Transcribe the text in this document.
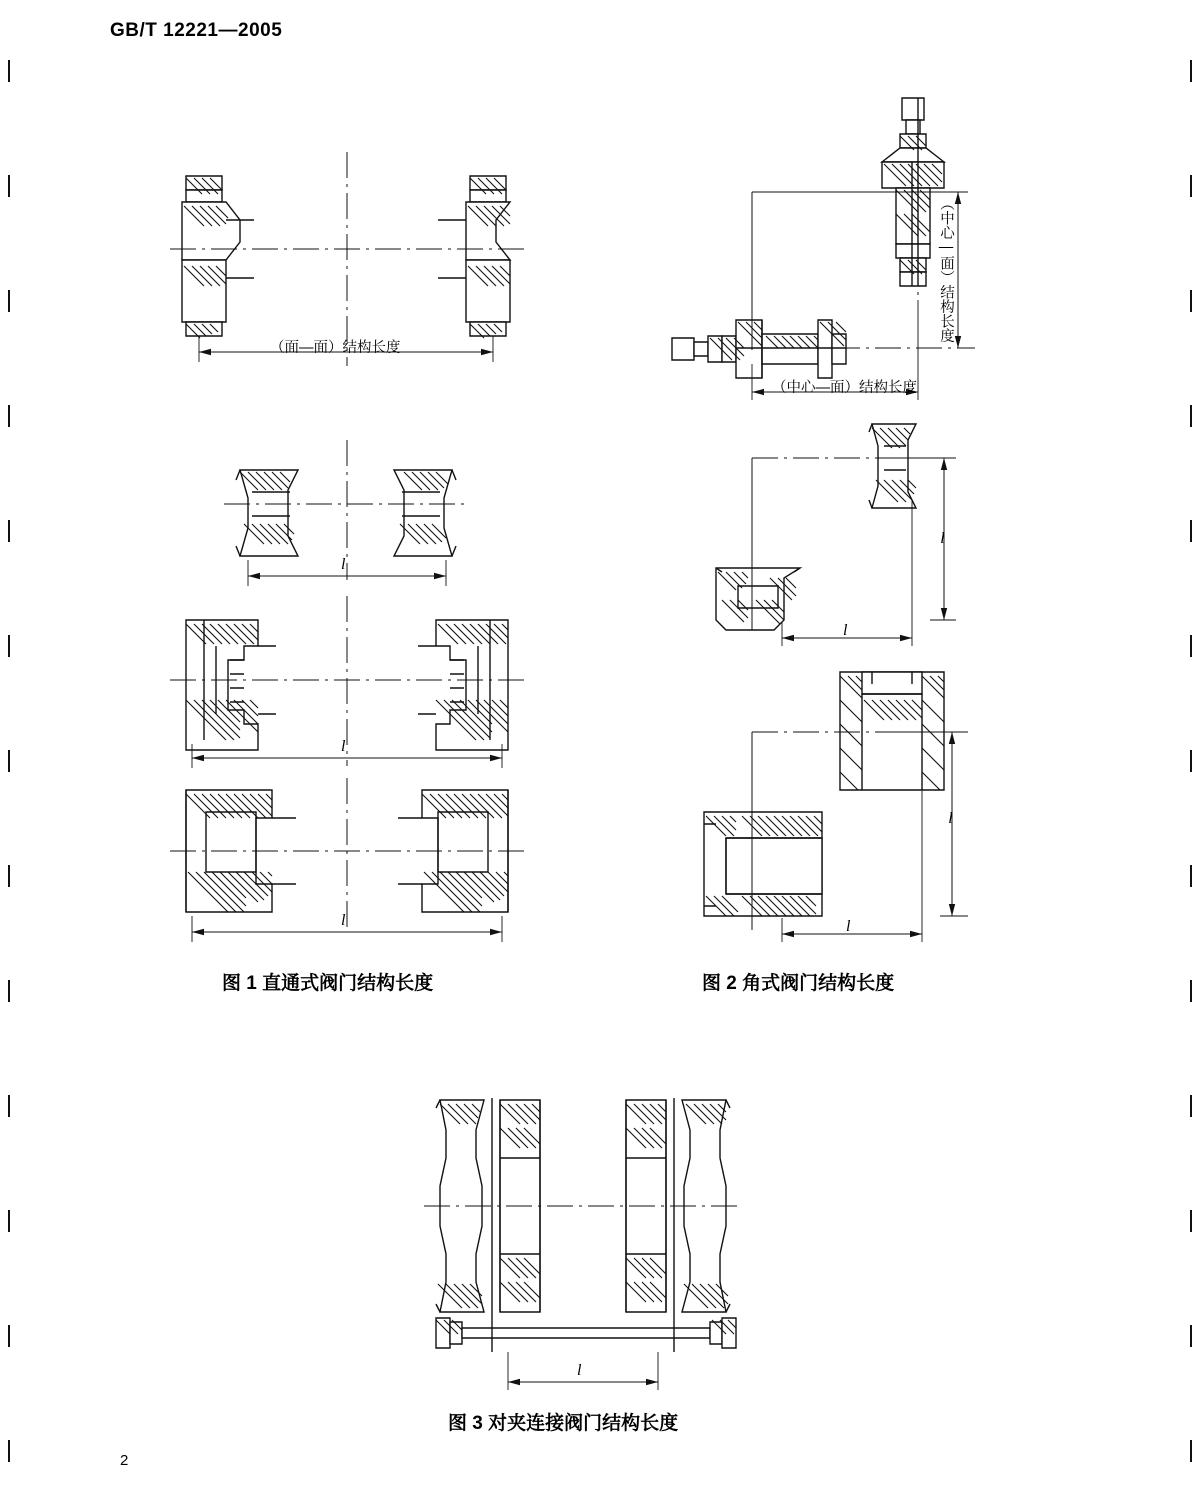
GB/T 12221—2005
（面—面）结构长度
l
l
l
（中心—面）结构长度
（中心—面）结构长度
l
l
l
l
l
图 1 直通式阀门结构长度	图 2 角式阀门结构长度
图 3 对夹连接阀门结构长度
2
